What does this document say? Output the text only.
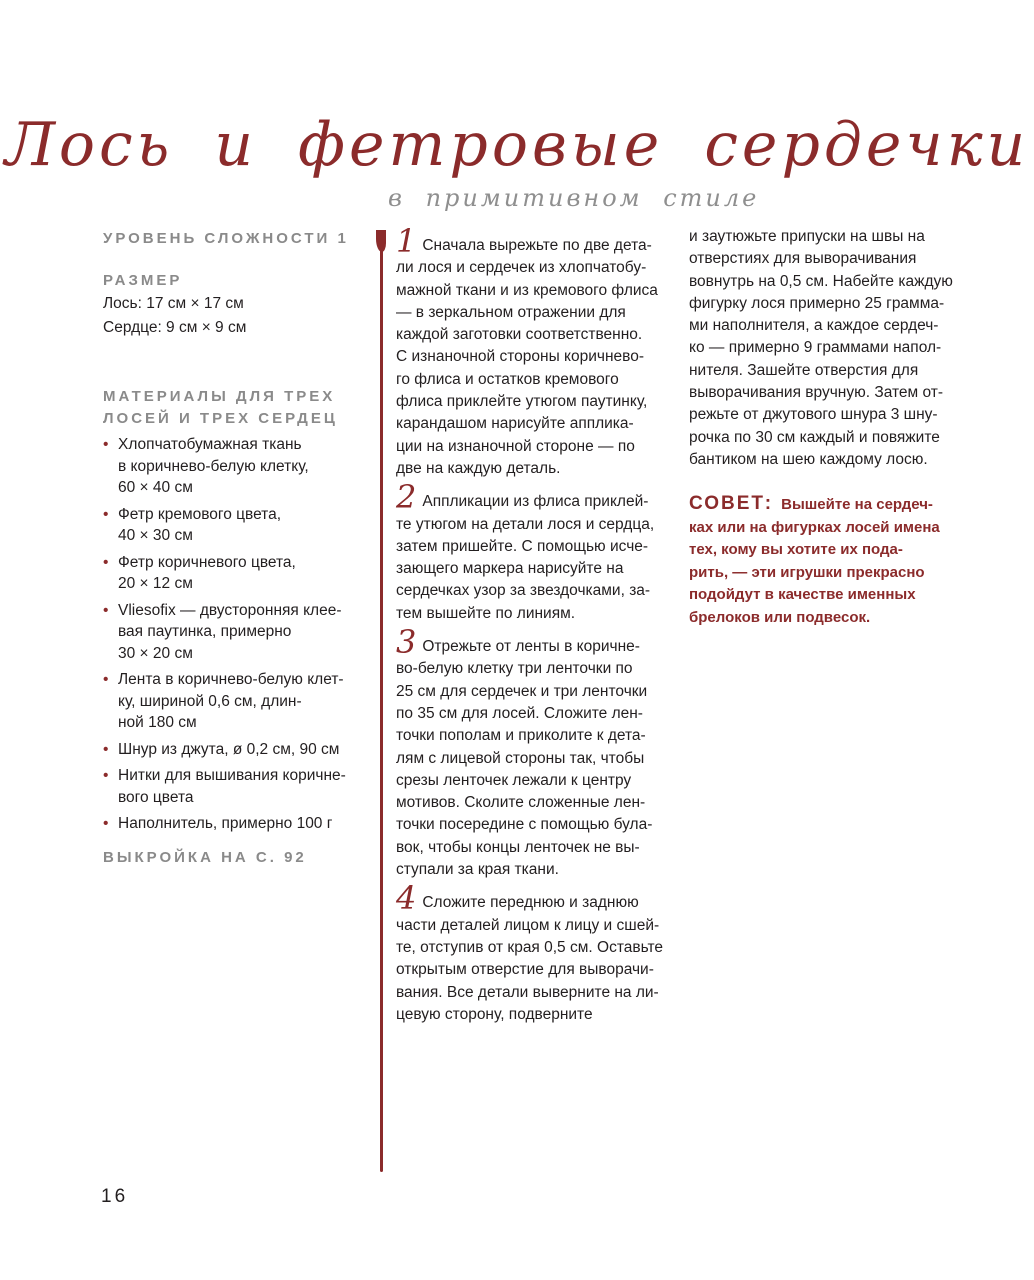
Лось и фетровые сердечки
в примитивном стиле

УРОВЕНЬ СЛОЖНОСТИ 1

РАЗМЕР

Лось: 17 см × 17 см

Сердце: 9 см × 9 см

МАТЕРИАЛЫ ДЛЯ ТРЕХ

ЛОСЕЙ И ТРЕХ СЕРДЕЦ

• Хлопчатобумажная ткань
в коричнево-белую клетку,
60 × 40 см
• Фетр кремового цвета,
40 × 30 см
• Фетр коричневого цвета,
20 × 12 см
• Vliesofix — двусторонняя клее-
вая паутинка, примерно
30 × 20 см
• Лента в коричнево-белую клет-
ку, шириной 0,6 см, длин-
ной 180 см
• Шнур из джута, ø 0,2 см, 90 см
• Нитки для вышивания коричне-
вого цвета
• Наполнитель, примерно 100 г

ВЫКРОЙКА НА С. 92

1 Сначала вырежьте по две дета-
ли лося и сердечек из хлопчатобу-
мажной ткани и из кремового флиса — в зеркальном отражении для
каждой заготовки соответственно.
С изнаночной стороны коричнево-
го флиса и остатков кремового
флиса приклейте утюгом паутинку,
карандашом нарисуйте апплика-
ции на изнаночной стороне — по
две на каждую деталь.

2 Аппликации из флиса приклей-
те утюгом на детали лося и сердца,
затем пришейте. С помощью исче-
зающего маркера нарисуйте на
сердечках узор за звездочками, за-
тем вышейте по линиям.

3 Отрежьте от ленты в коричне-
во-белую клетку три ленточки по
25 см для сердечек и три ленточки
по 35 см для лосей. Сложите лен-
точки пополам и приколите к дета-
лям с лицевой стороны так, чтобы
срезы ленточек лежали к центру
мотивов. Сколите сложенные лен-
точки посередине с помощью була-
вок, чтобы концы ленточек не вы-
ступали за края ткани.

4 Сложите переднюю и заднюю
части деталей лицом к лицу и сшей-
те, отступив от края 0,5 см. Оставьте
открытым отверстие для выворачи-
вания. Все детали выверните на ли-
цевую сторону, подверните

и заутюжьте припуски на швы на
отверстиях для выворачивания
вовнутрь на 0,5 см. Набейте каждую
фигурку лося примерно 25 грамма-
ми наполнителя, а каждое сердеч-
ко — примерно 9 граммами напол-
нителя. Зашейте отверстия для
выворачивания вручную. Затем от-
режьте от джутового шнура 3 шну-
рочка по 30 см каждый и повяжите
бантиком на шею каждому лосю.

СОВЕТ: Вышейте на сердеч-
ках или на фигурках лосей имена
тех, кому вы хотите их пода-
рить, — эти игрушки прекрасно
подойдут в качестве именных
брелоков или подвесок.
16
